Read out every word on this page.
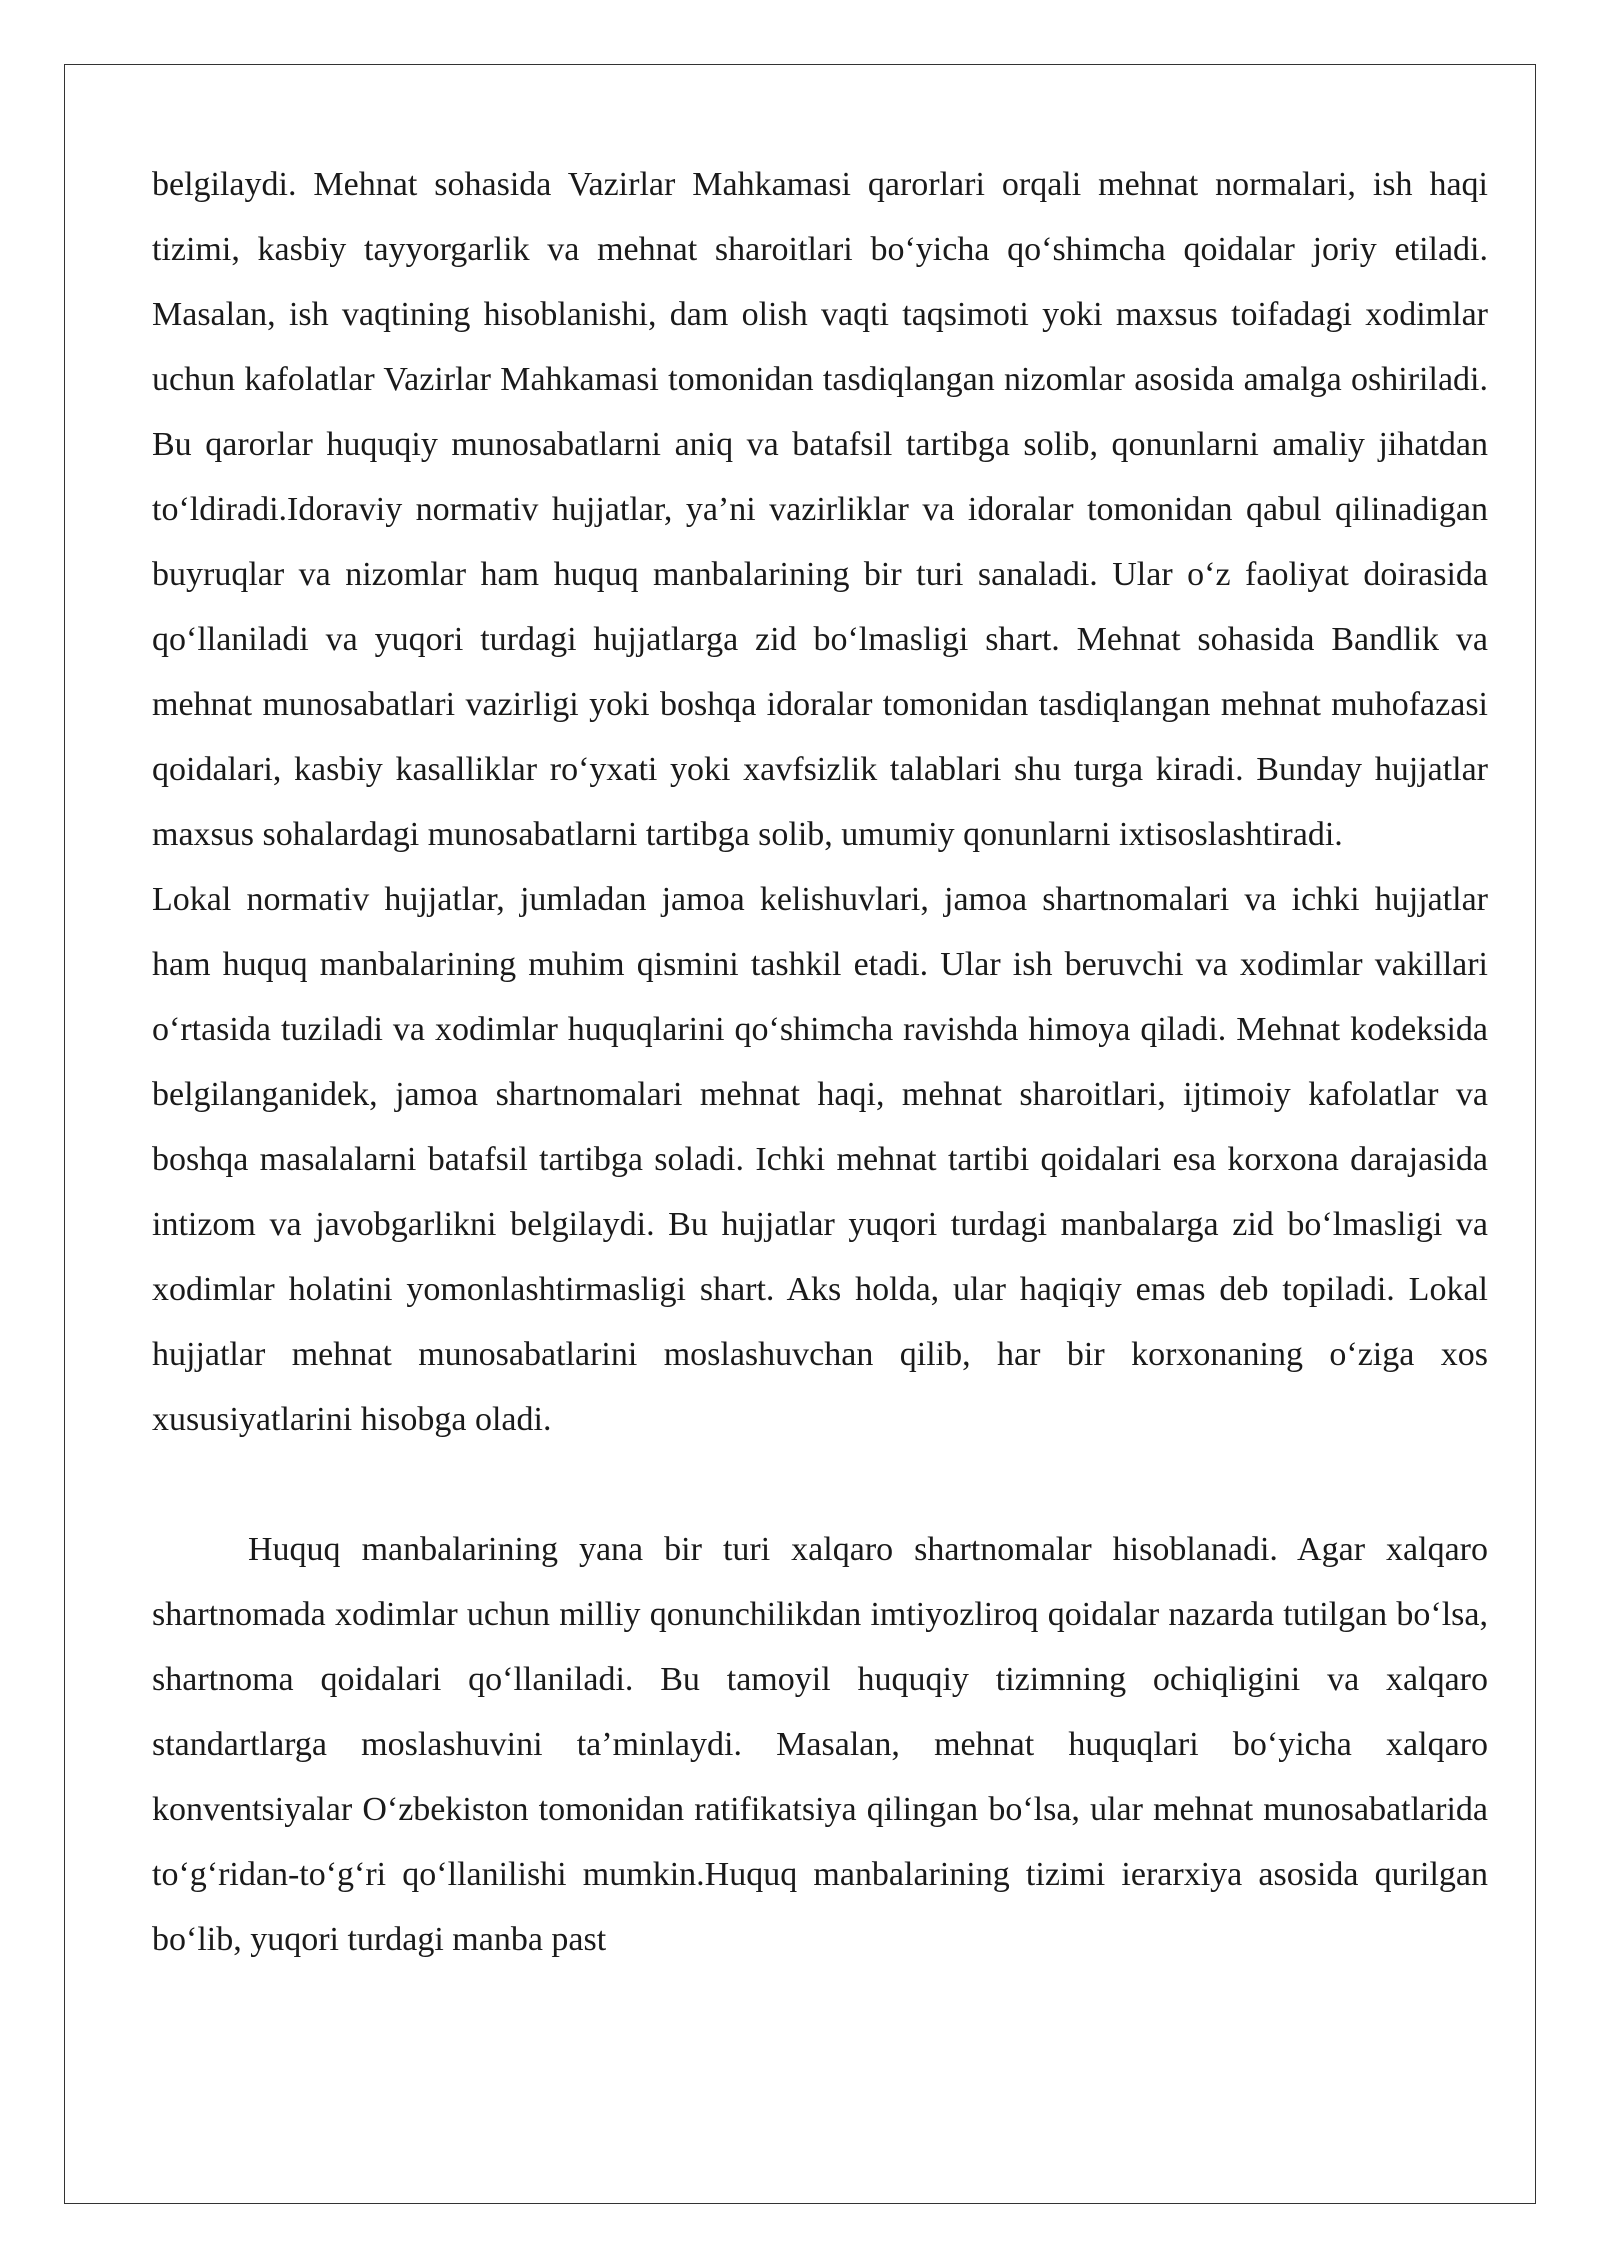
belgilaydi. Mehnat sohasida Vazirlar Mahkamasi qarorlari orqali mehnat normalari, ish haqi tizimi, kasbiy tayyorgarlik va mehnat sharoitlari bo‘yicha qo‘shimcha qoidalar joriy etiladi. Masalan, ish vaqtining hisoblanishi, dam olish vaqti taqsimoti yoki maxsus toifadagi xodimlar uchun kafolatlar Vazirlar Mahkamasi tomonidan tasdiqlangan nizomlar asosida amalga oshiriladi. Bu qarorlar huquqiy munosabatlarni aniq va batafsil tartibga solib, qonunlarni amaliy jihatdan to‘ldiradi.Idoraviy normativ hujjatlar, ya’ni vazirliklar va idoralar tomonidan qabul qilinadigan buyruqlar va nizomlar ham huquq manbalarining bir turi sanaladi. Ular o‘z faoliyat doirasida qo‘llaniladi va yuqori turdagi hujjatlarga zid bo‘lmasligi shart. Mehnat sohasida Bandlik va mehnat munosabatlari vazirligi yoki boshqa idoralar tomonidan tasdiqlangan mehnat muhofazasi qoidalari, kasbiy kasalliklar ro‘yxati yoki xavfsizlik talablari shu turga kiradi. Bunday hujjatlar maxsus sohalardagi munosabatlarni tartibga solib, umumiy qonunlarni ixtisoslashtiradi.

Lokal normativ hujjatlar, jumladan jamoa kelishuvlari, jamoa shartnomalari va ichki hujjatlar ham huquq manbalarining muhim qismini tashkil etadi. Ular ish beruvchi va xodimlar vakillari o‘rtasida tuziladi va xodimlar huquqlarini qo‘shimcha ravishda himoya qiladi. Mehnat kodeksida belgilanganidek, jamoa shartnomalari mehnat haqi, mehnat sharoitlari, ijtimoiy kafolatlar va boshqa masalalarni batafsil tartibga soladi. Ichki mehnat tartibi qoidalari esa korxona darajasida intizom va javobgarlikni belgilaydi. Bu hujjatlar yuqori turdagi manbalarga zid bo‘lmasligi va xodimlar holatini yomonlashtirmasligi shart. Aks holda, ular haqiqiy emas deb topiladi. Lokal hujjatlar mehnat munosabatlarini moslashuvchan qilib, har bir korxonaning o‘ziga xos xususiyatlarini hisobga oladi.

Huquq manbalarining yana bir turi xalqaro shartnomalar hisoblanadi. Agar xalqaro shartnomada xodimlar uchun milliy qonunchilikdan imtiyozliroq qoidalar nazarda tutilgan bo‘lsa, shartnoma qoidalari qo‘llaniladi. Bu tamoyil huquqiy tizimning ochiqligini va xalqaro standartlarga moslashuvini ta’minlaydi. Masalan, mehnat huquqlari bo‘yicha xalqaro konventsiyalar O‘zbekiston tomonidan ratifikatsiya qilingan bo‘lsa, ular mehnat munosabatlarida to‘g‘ridan-to‘g‘ri qo‘llanilishi mumkin.Huquq manbalarining tizimi ierarxiya asosida qurilgan bo‘lib, yuqori turdagi manba past
